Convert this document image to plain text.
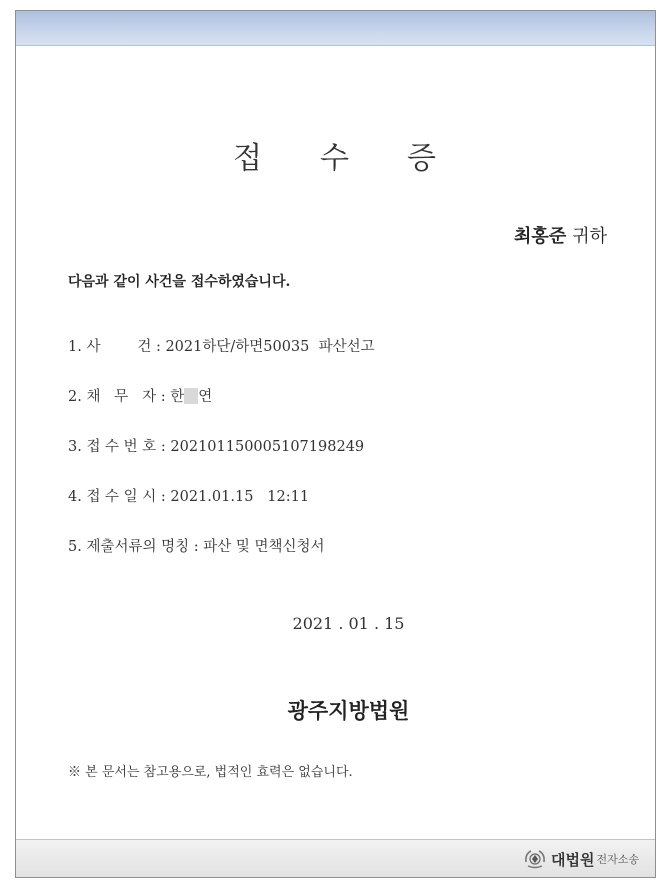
접 수 증
최홍준 귀하
다음과 같이 사건을 접수하였습니다.
1. 사        건 : 2021하단/하면50035  파산선고
2. 채   무   자 : 한 연
3. 접 수 번 호 : 20210115000510719​8249
4. 접 수 일 시 : 2021.01.15   12:11
5. 제출서류의 명칭 : 파산 및 면책신청서
2021 . 01 . 15
광주지방법원
※ 본 문서는 참고용으로, 법적인 효력은 없습니다.
대법원 전자소송
